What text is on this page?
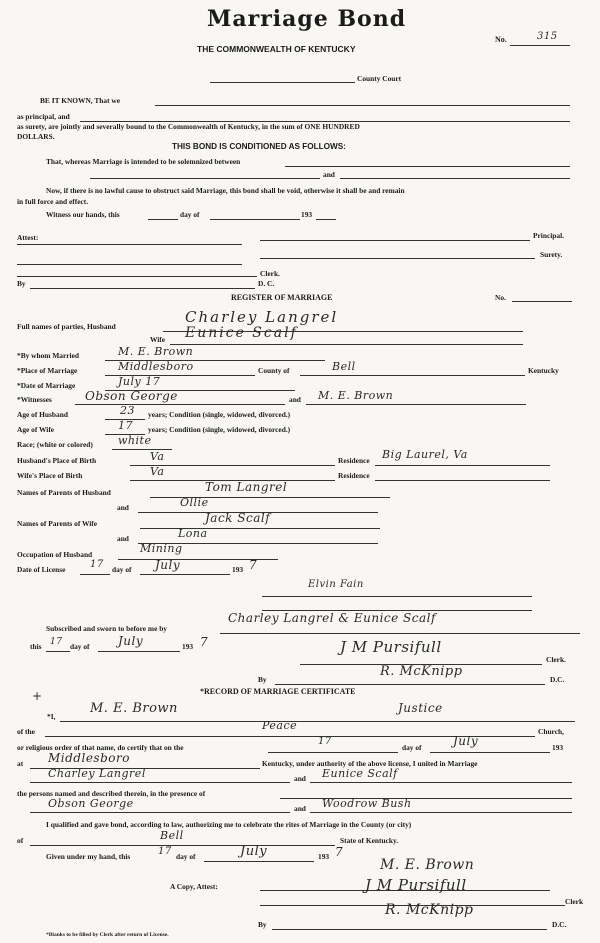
Marriage Bond
THE COMMONWEALTH OF KENTUCKY
No.	315
County Court
BE IT KNOWN, That we
as principal, and
as surety, are jointly and severally bound to the Commonwealth of Kentucky, in the sum of ONE HUNDRED
DOLLARS.
THIS BOND IS CONDITIONED AS FOLLOWS:
That, whereas Marriage is intended to be solemnized between
and
Now, if there is no lawful cause to obstruct said Marriage, this bond shall be void, otherwise it shall be and remain
in full force and effect.
Witness our hands, this	day of	193
Attest:	Principal.
Surety.
Clerk.
By	D. C.
REGISTER OF MARRIAGE	No.
Full names of parties, Husband
Charley Langrel
Wife Eunice Scalf
*By whom Married	M. E. Brown
*Place of Marriage	Middlesboro	County of	Bell	Kentucky
*Date of Marriage	July 17
*Witnesses	Obson George	and M. E. Brown
Age of Husband	23 years; Condition (single, widowed, divorced.)
Age of Wife	17 years; Condition (single, widowed, divorced.)
Race; (white or colored) white
Husband's Place of Birth	Va	Residence Big Laurel, Va
Wife's Place of Birth	Va	Residence
Names of Parents of Husband	Tom Langrel
and	Ollie
Names of Parents of Wife	Jack Scalf
and	Lona
Occupation of Husband	Mining
Date of License 17 day of July	193 7
Elvin Fain
Subscribed and sworn to before me by
Charley Langrel & Eunice Scalf
this 17 day of July	193 7	J M Pursifull
Clerk.
By
R. McKnipp
D.C.
+	*RECORD OF MARRIAGE CERTIFICATE
*I,
M. E. Brown	Justice
of the	Peace	Church,
or religious order of that name, do certify that on the
17
day of	July	193
at Middlesboro	Kentucky, under authority of the above license, I united in Marriage
Charley Langrel	and Eunice Scalf
the persons named and described therein, in the presence of
Obson George	and Woodrow Bush
I qualified and gave bond, according to law, authorizing me to celebrate the rites of Marriage in the County (or city)
of	Bell	State of Kentucky.
Given under my hand, this	17 day of	July	193 7
M. E. Brown
A Copy, Attest:	J M Pursifull
Clerk
R. McKnipp
By	D.C.
*Blanks to be filled by Clerk after return of License.
